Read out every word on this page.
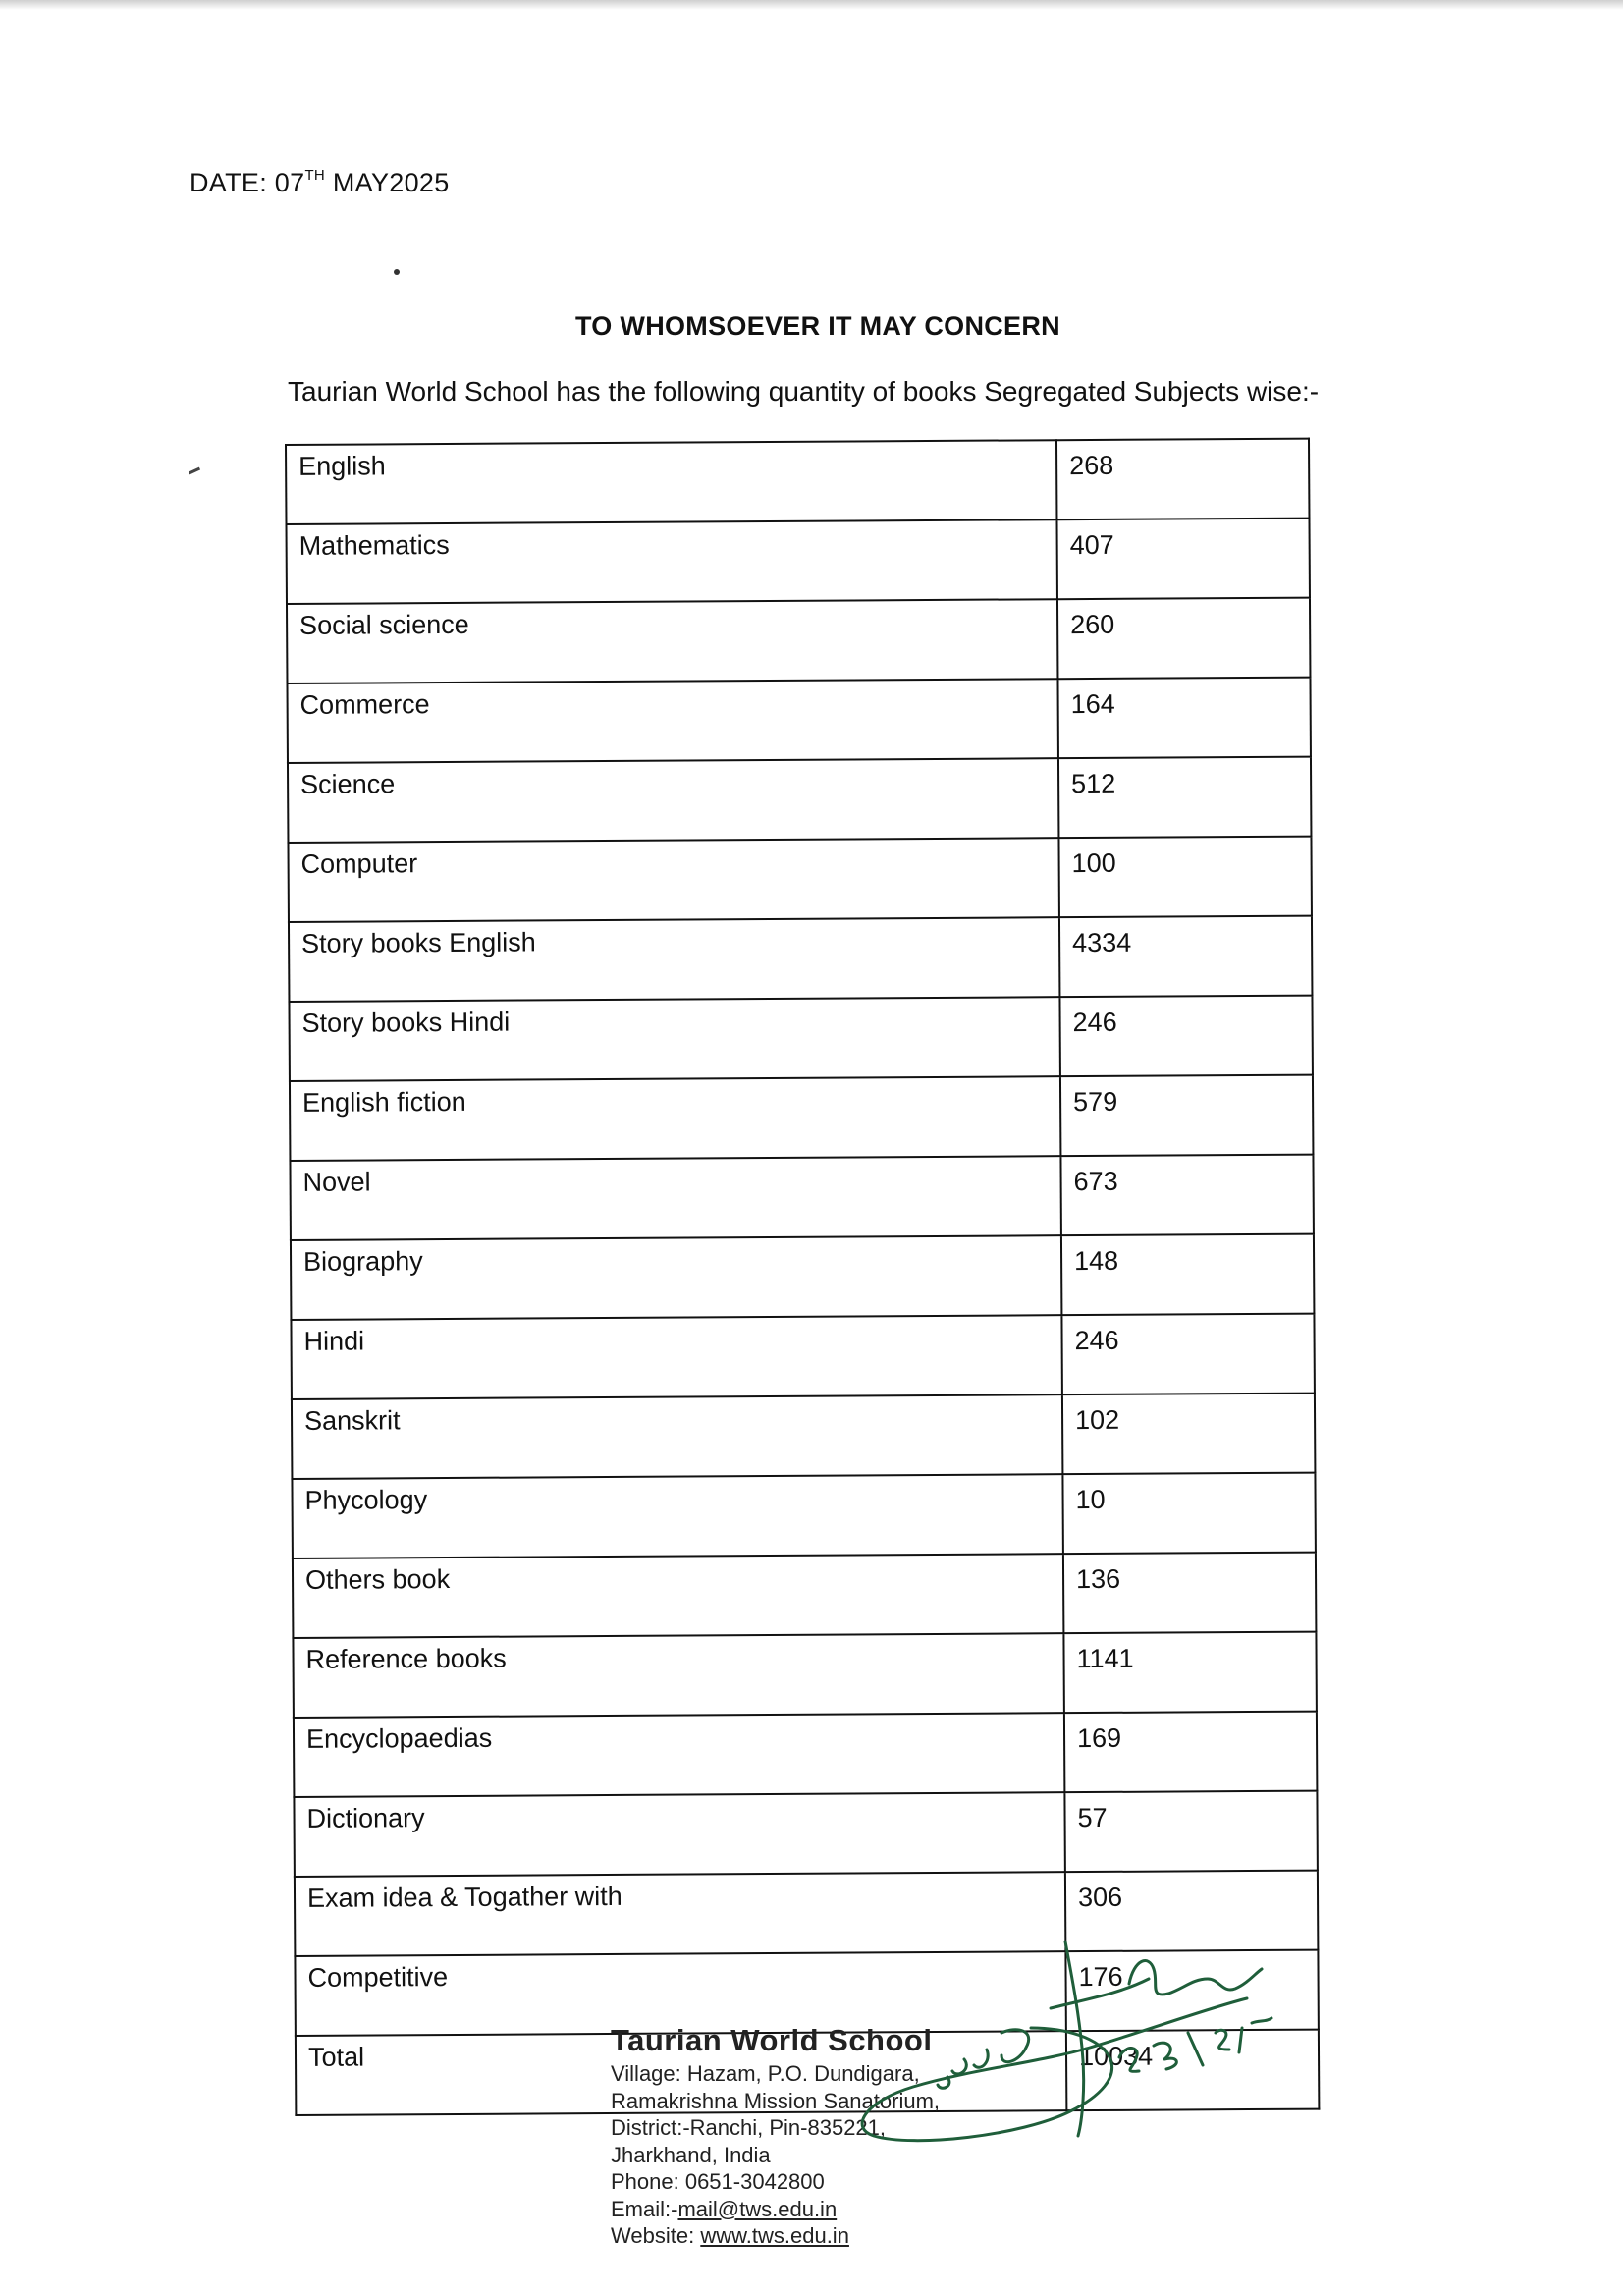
DATE: 07TH MAY2025
TO WHOMSOEVER IT MAY CONCERN
Taurian World School has the following quantity of books Segregated Subjects wise:-
English	268
Mathematics	407
Social science	260
Commerce	164
Science	512
Computer	100
Story books English	4334
Story books Hindi	246
English fiction	579
Novel	673
Biography	148
Hindi	246
Sanskrit	102
Phycology	10
Others book	136
Reference books	1141
Encyclopaedias	169
Dictionary	57
Exam idea & Togather with	306
Competitive	176
Total	10034
Taurian World School
Village: Hazam, P.O. Dundigara,
Ramakrishna Mission Sanatorium,
District:-Ranchi, Pin-835221,
Jharkhand, India
Phone: 0651-3042800
Email:-mail@tws.edu.in
Website: www.tws.edu.in
23/5/25
